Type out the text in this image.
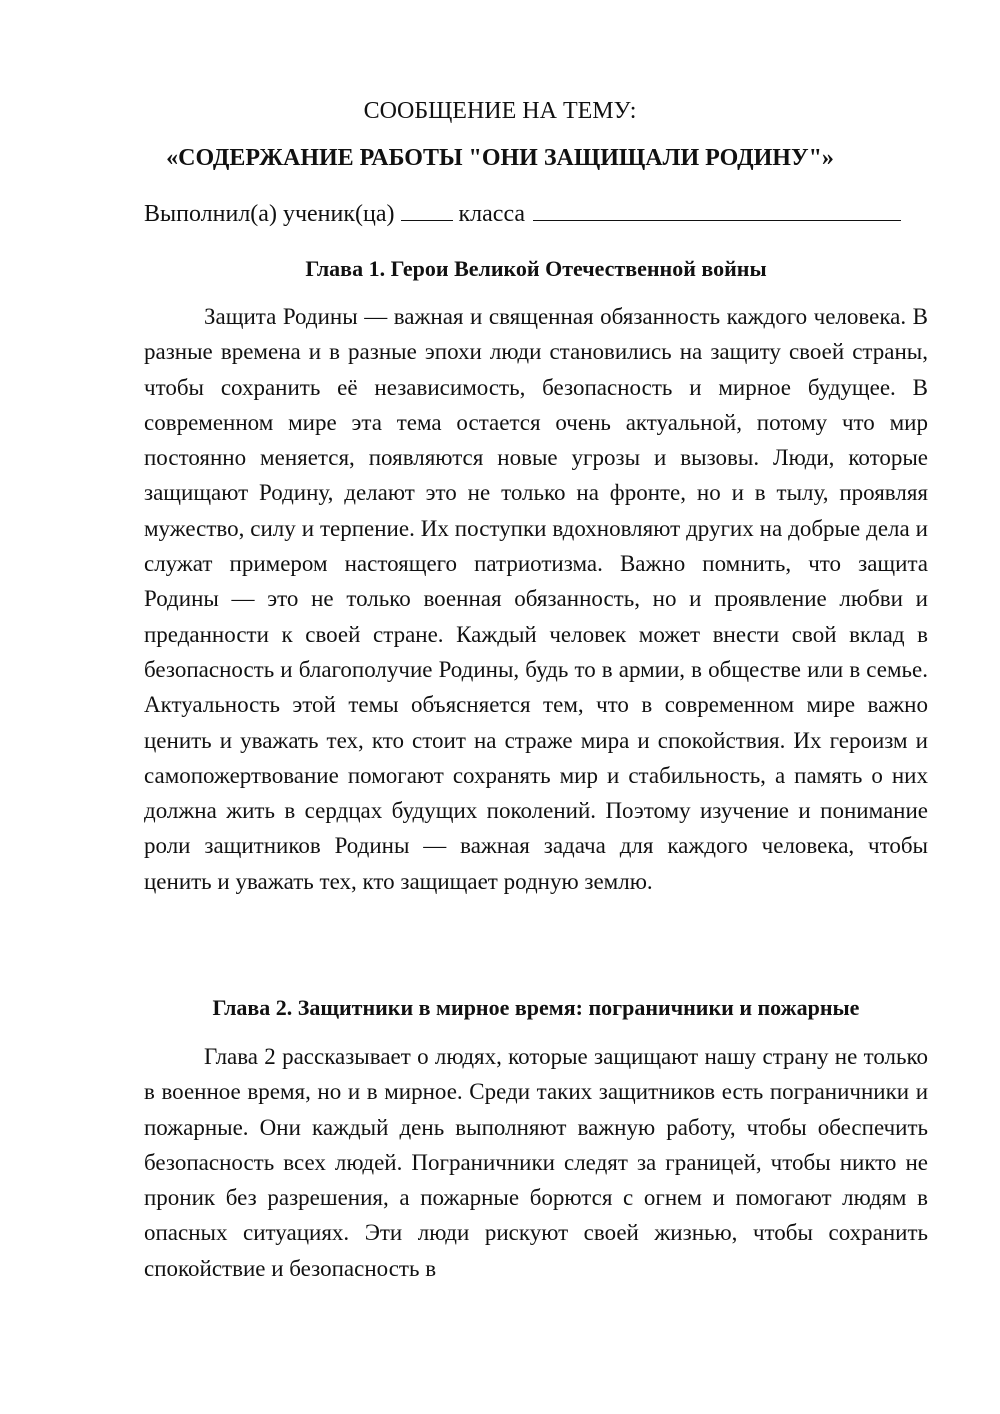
СООБЩЕНИЕ НА ТЕМУ:
«СОДЕРЖАНИЕ РАБОТЫ "ОНИ ЗАЩИЩАЛИ РОДИНУ"»
Выполнил(а) ученик(ца)	класса
Глава 1. Герои Великой Отечественной войны

Защита Родины — важная и священная обязанность каждого человека. В разные времена и в разные эпохи люди становились на защиту своей страны, чтобы сохранить её независимость, безопасность и мирное будущее. В современном мире эта тема остается очень актуальной, потому что мир постоянно меняется, появляются новые угрозы и вызовы. Люди, которые защищают Родину, делают это не только на фронте, но и в тылу, проявляя мужество, силу и терпение. Их поступки вдохновляют других на добрые дела и служат примером настоящего патриотизма. Важно помнить, что защита Родины — это не только военная обязанность, но и проявление любви и преданности к своей стране. Каждый человек может внести свой вклад в безопасность и благополучие Родины, будь то в армии, в обществе или в семье. Актуальность этой темы объясняется тем, что в современном мире важно ценить и уважать тех, кто стоит на страже мира и спокойствия. Их героизм и самопожертвование помогают сохранять мир и стабильность, а память о них должна жить в сердцах будущих поколений. Поэтому изучение и понимание роли защитников Родины — важная задача для каждого человека, чтобы ценить и уважать тех, кто защищает родную землю.

Глава 2. Защитники в мирное время: пограничники и пожарные

Глава 2 рассказывает о людях, которые защищают нашу страну не только в военное время, но и в мирное. Среди таких защитников есть пограничники и пожарные. Они каждый день выполняют важную работу, чтобы обеспечить безопасность всех людей. Пограничники следят за границей, чтобы никто не проник без разрешения, а пожарные борются с огнем и помогают людям в опасных ситуациях. Эти люди рискуют своей жизнью, чтобы сохранить спокойствие и безопасность в
